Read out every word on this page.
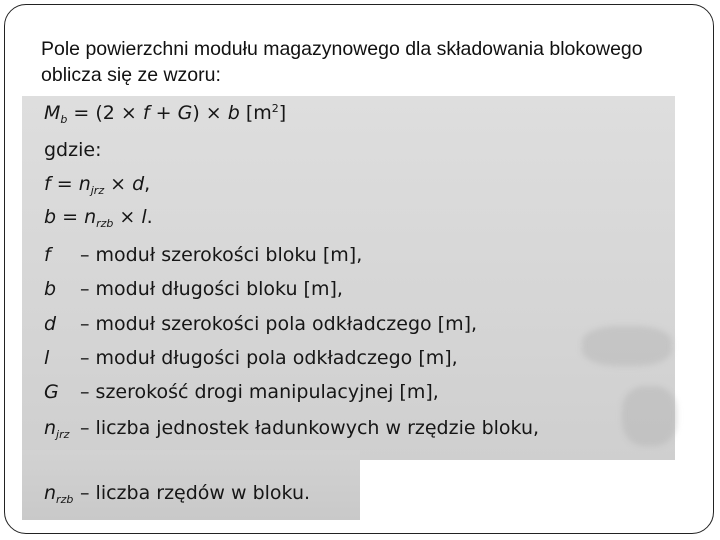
Pole powierzchni modułu magazynowego dla składowania blokowego oblicza się ze wzoru:
$M_b = (2 \times f + G) \times b$ $[m^2]$
gdzie:
$f = n_{jrz} \times d$,
$b = n_{rzb} \times l$.
f – moduł szerokości bloku [m],
b – moduł długości bloku [m],
d – moduł szerokości pola odkładczego [m],
l – moduł długości pola odkładczego [m],
G – szerokość drogi manipulacyjnej [m],
$n_{jrz}$ – liczba jednostek ładunkowych w rzędzie bloku,
$n_{rzb}$ – liczba rzędów w bloku.
